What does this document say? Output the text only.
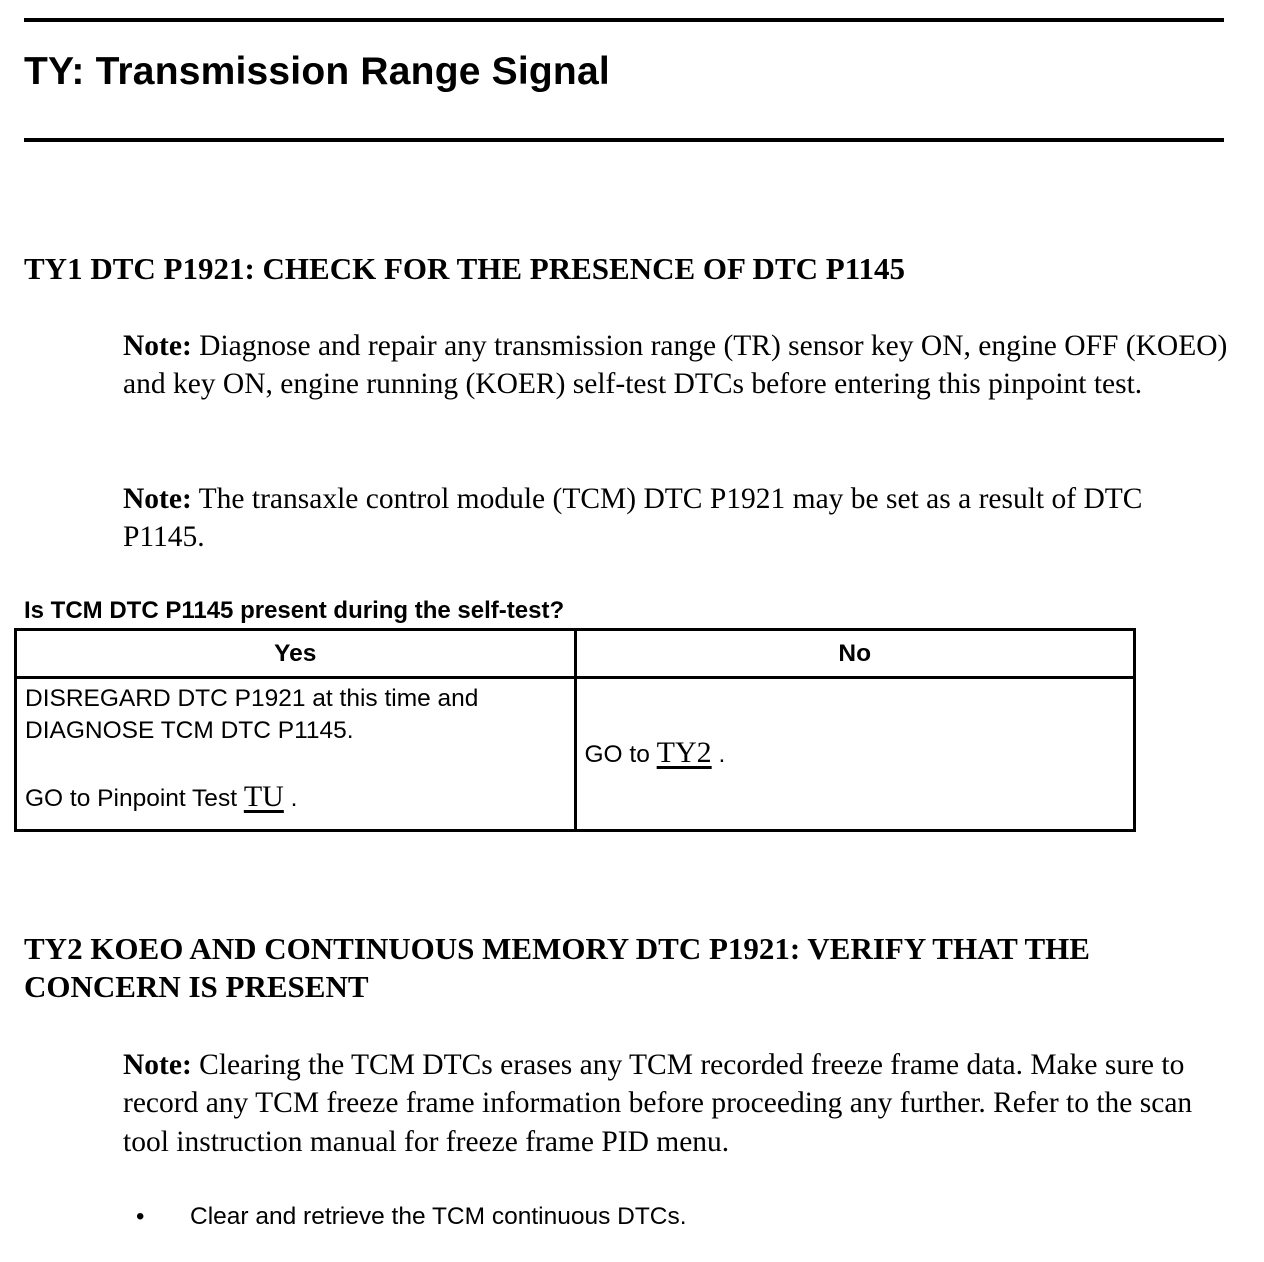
TY: Transmission Range Signal
TY1 DTC P1921: CHECK FOR THE PRESENCE OF DTC P1145

Note: Diagnose and repair any transmission range (TR) sensor key ON, engine OFF (KOEO) and key ON, engine running (KOER) self-test DTCs before entering this pinpoint test.

Note: The transaxle control module (TCM) DTC P1921 may be set as a result of DTC P1145.

Is TCM DTC P1145 present during the self-test?
Yes	No

DISREGARD DTC P1921 at this time and
DIAGNOSE TCM DTC P1145.
GO to Pinpoint Test TU .	GO to TY2 .
TY2 KOEO AND CONTINUOUS MEMORY DTC P1921: VERIFY THAT THE CONCERN IS PRESENT

Note: Clearing the TCM DTCs erases any TCM recorded freeze frame data. Make sure to record any TCM freeze frame information before proceeding any further. Refer to the scan tool instruction manual for freeze frame PID menu.

• Clear and retrieve the TCM continuous DTCs.
